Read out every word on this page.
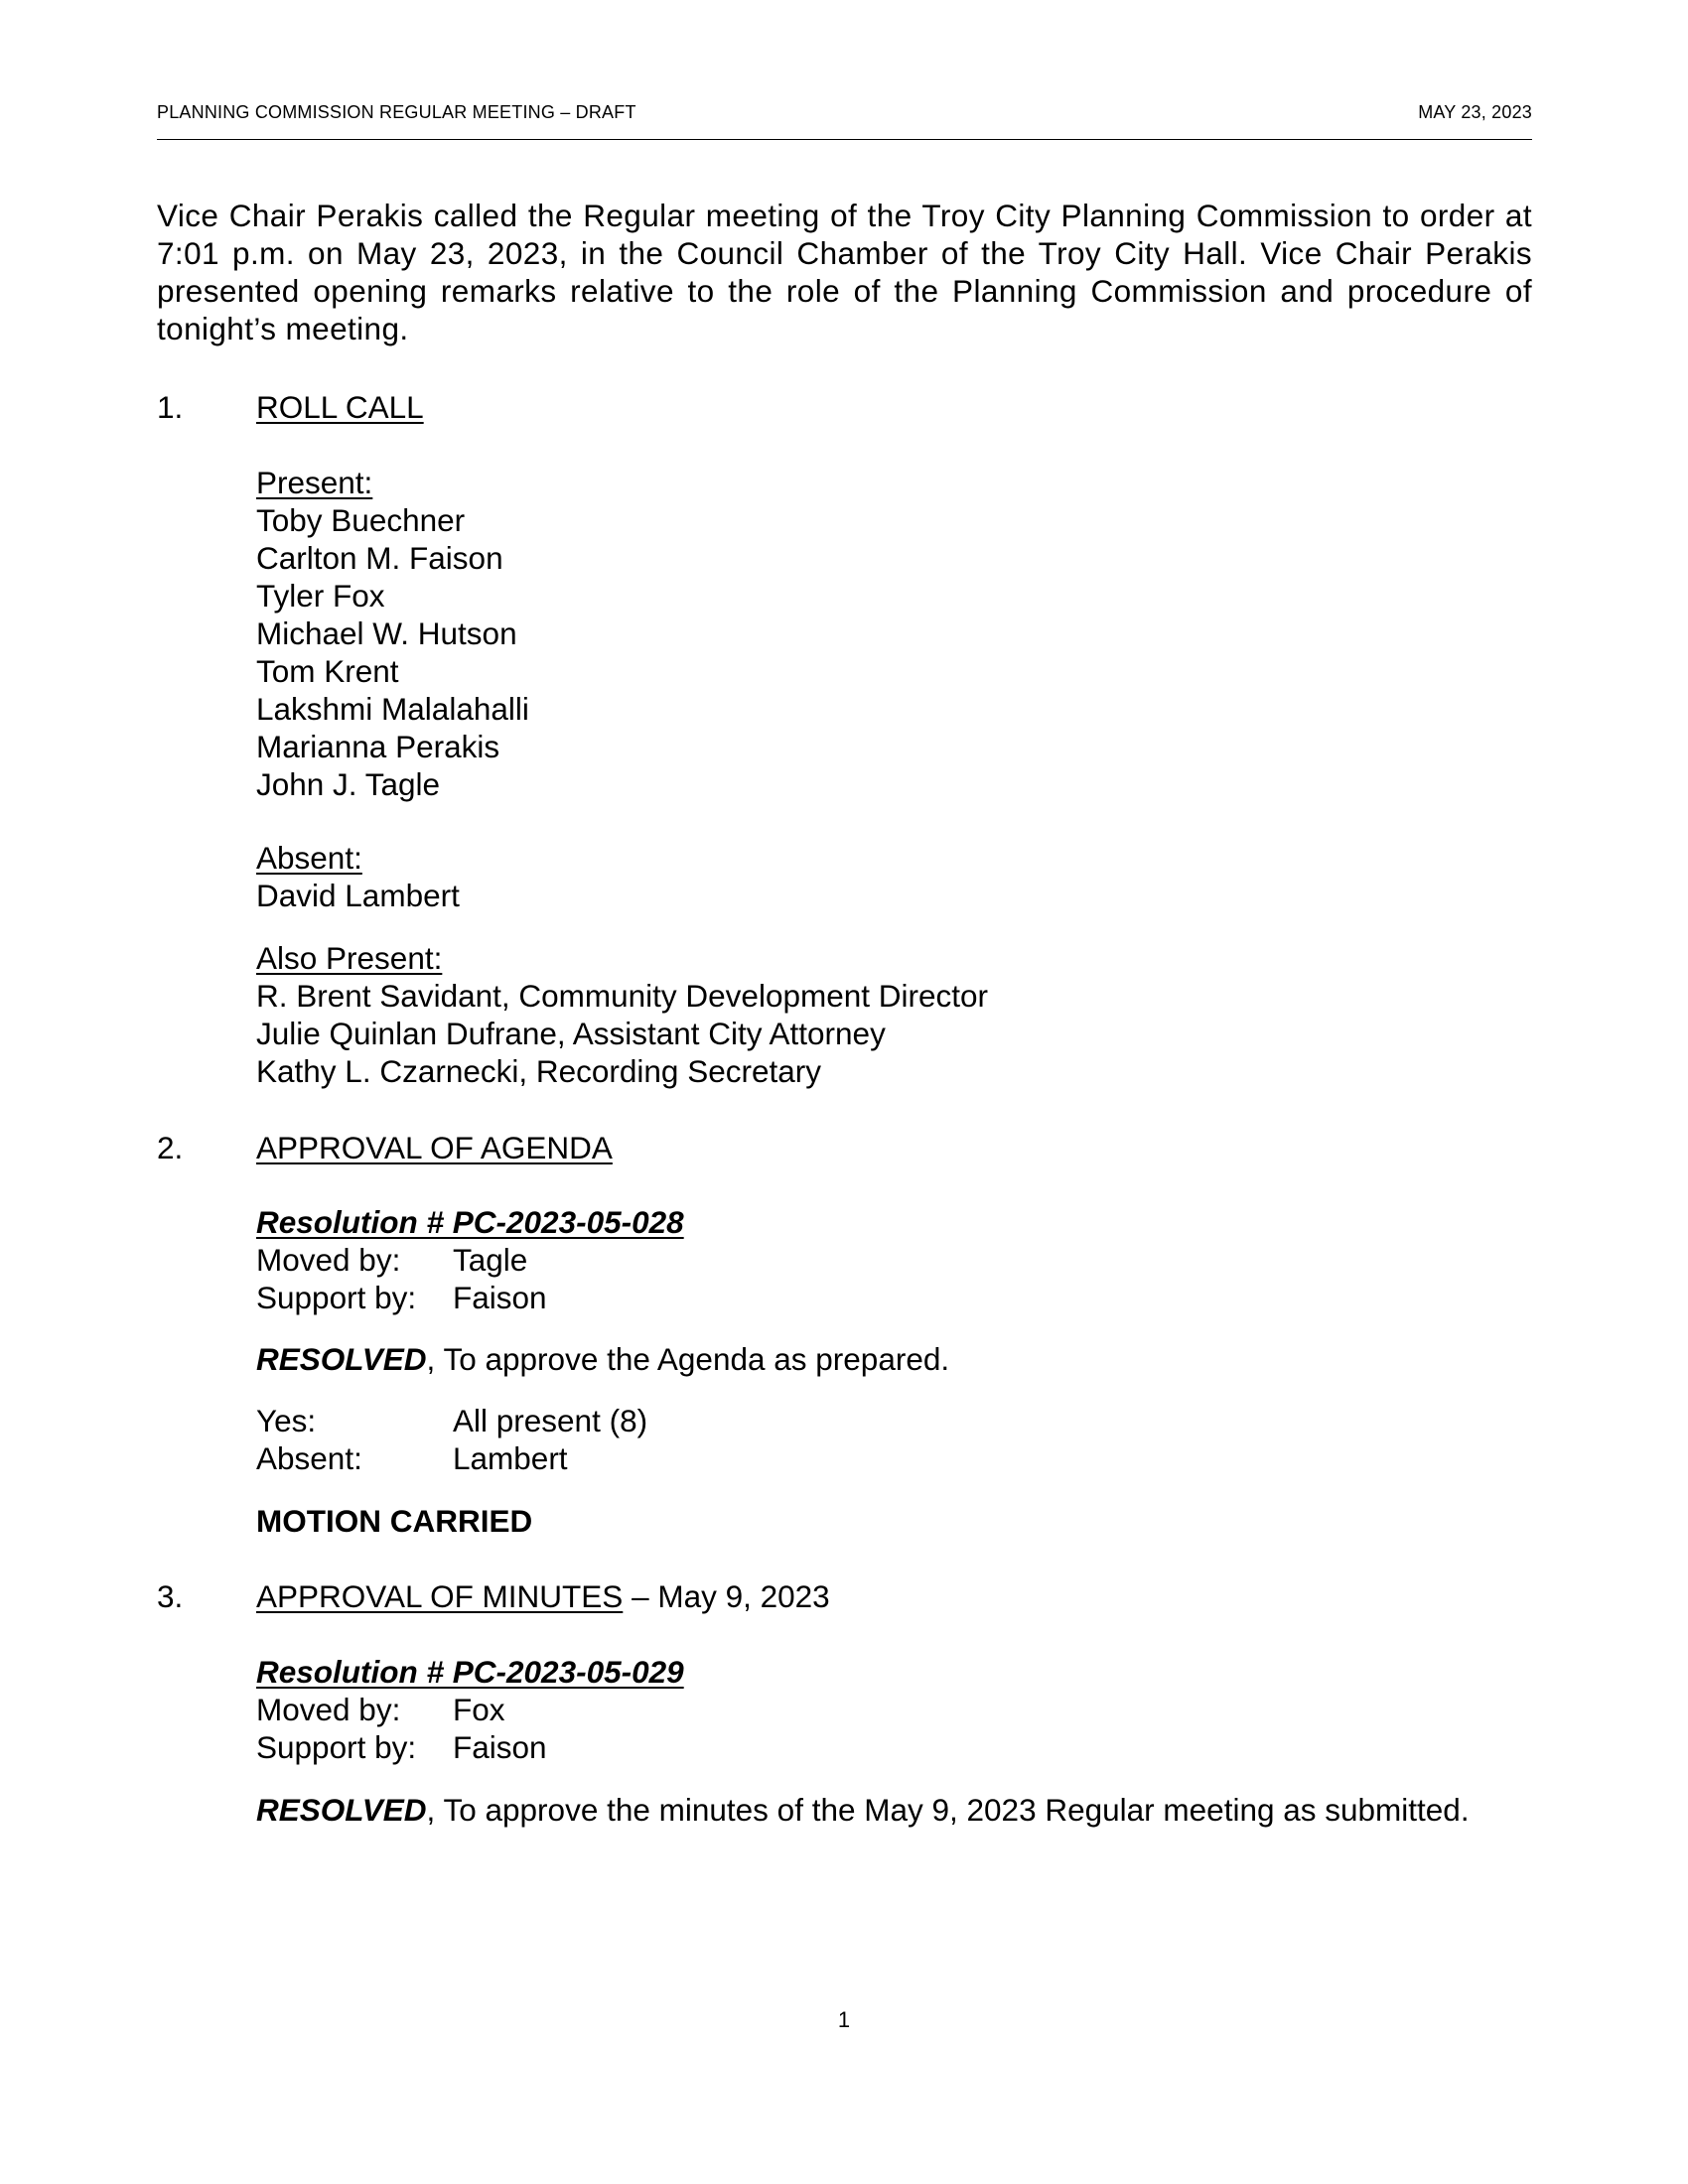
PLANNING COMMISSION REGULAR MEETING – DRAFT	MAY 23, 2023
Vice Chair Perakis called the Regular meeting of the Troy City Planning Commission to order at 7:01 p.m. on May 23, 2023, in the Council Chamber of the Troy City Hall. Vice Chair Perakis presented opening remarks relative to the role of the Planning Commission and procedure of tonight’s meeting.
1. ROLL CALL
Present:
Toby Buechner
Carlton M. Faison
Tyler Fox
Michael W. Hutson
Tom Krent
Lakshmi Malalahalli
Marianna Perakis
John J. Tagle
Absent:
David Lambert
Also Present:
R. Brent Savidant, Community Development Director
Julie Quinlan Dufrane, Assistant City Attorney
Kathy L. Czarnecki, Recording Secretary
2. APPROVAL OF AGENDA
Resolution # PC-2023-05-028
Moved by: Tagle
Support by: Faison
RESOLVED, To approve the Agenda as prepared.
Yes:	All present (8)
Absent:	Lambert
MOTION CARRIED
3. APPROVAL OF MINUTES – May 9, 2023
Resolution # PC-2023-05-029
Moved by: Fox
Support by: Faison
RESOLVED, To approve the minutes of the May 9, 2023 Regular meeting as submitted.
1
